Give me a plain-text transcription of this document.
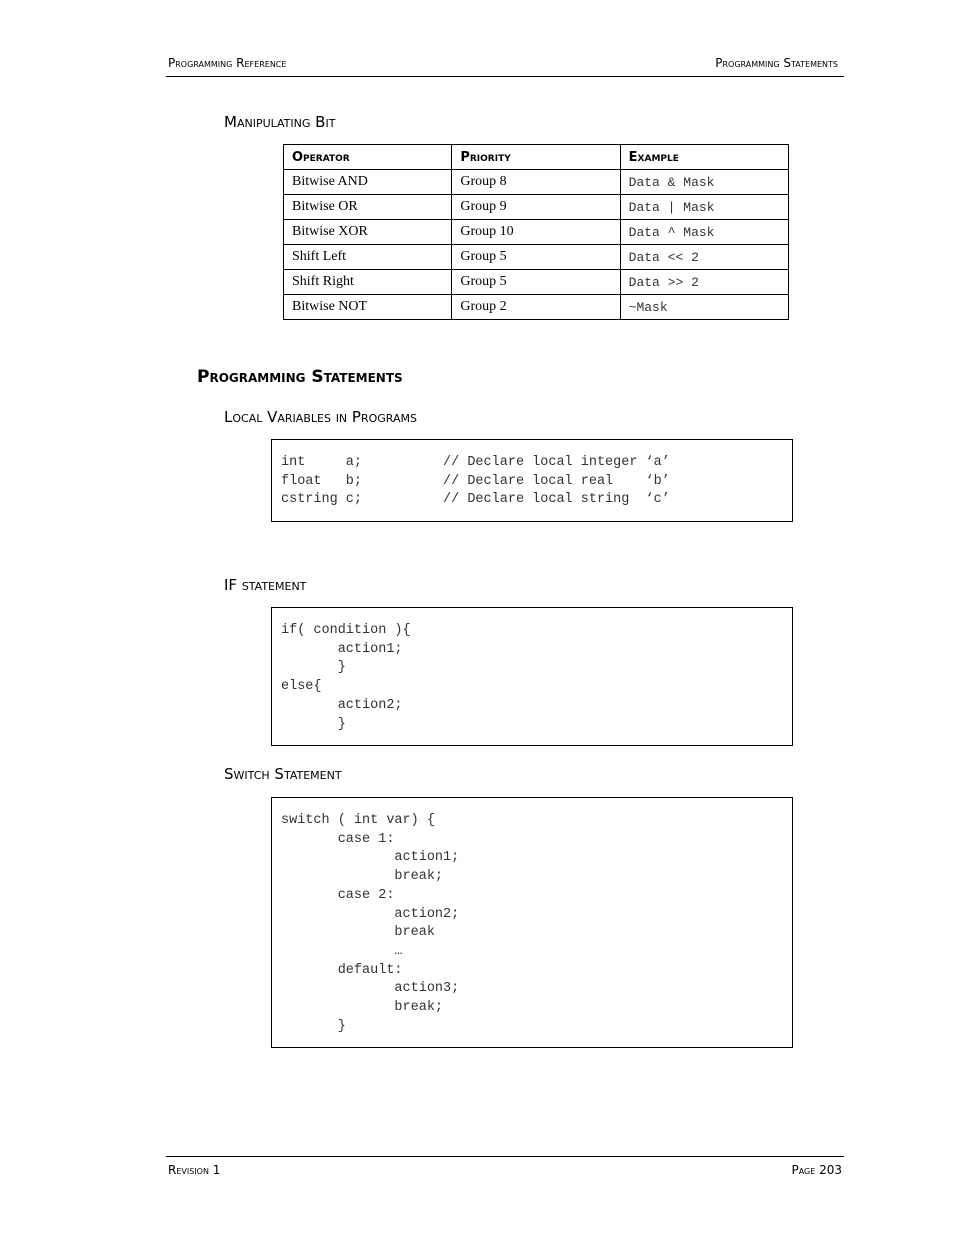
Programming Reference	Programming Statements
Manipulating Bit
Operator	Priority	Example
Bitwise AND	Group 8	Data & Mask
Bitwise OR	Group 9	Data | Mask
Bitwise XOR	Group 10	Data ^ Mask
Shift Left	Group 5	Data << 2
Shift Right	Group 5	Data >> 2
Bitwise NOT	Group 2	~Mask
Programming Statements
Local Variables in Programs
int     a;          // Declare local integer ‘a’
float   b;          // Declare local real    ‘b’
cstring c;          // Declare local string  ‘c’
IF statement
if( condition ){
action1;
}
else{
action2;
}
Switch Statement
switch ( int var) {
case 1:
action1;
break;
case 2:
action2;
break
…
default:
action3;
break;
}
Revision 1	Page 203
